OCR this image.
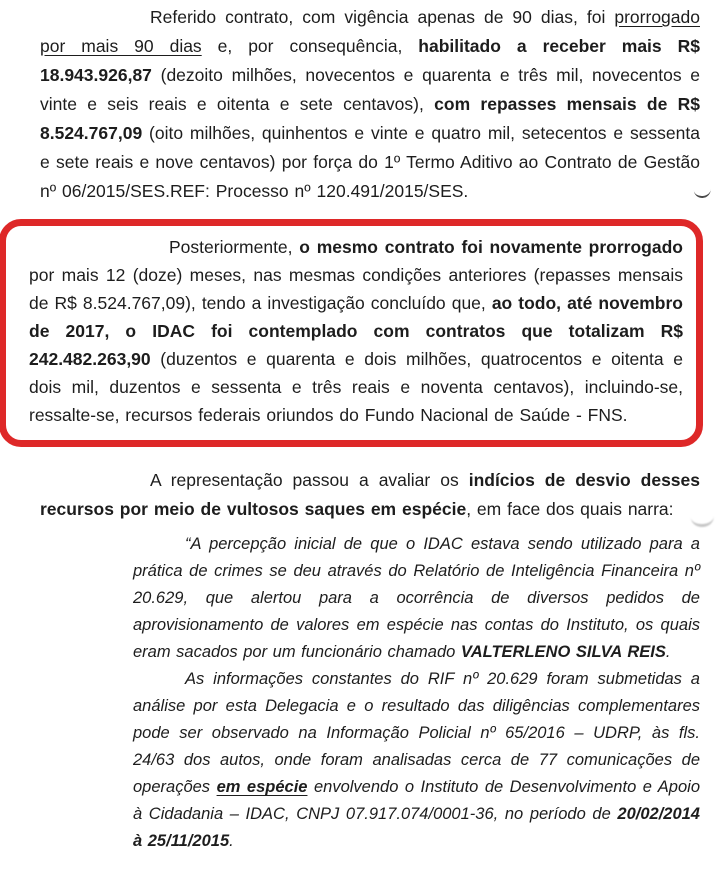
Referido contrato, com vigência apenas de 90 dias, foi prorrogado por mais 90 dias e, por consequência, habilitado a receber mais R$ 18.943.926,87 (dezoito milhões, novecentos e quarenta e três mil, novecentos e vinte e seis reais e oitenta e sete centavos), com repasses mensais de R$ 8.524.767,09 (oito milhões, quinhentos e vinte e quatro mil, setecentos e sessenta e sete reais e nove centavos) por força do 1º Termo Aditivo ao Contrato de Gestão nº 06/2015/SES.REF: Processo nº 120.491/2015/SES.

Posteriormente, o mesmo contrato foi novamente prorrogado por mais 12 (doze) meses, nas mesmas condições anteriores (repasses mensais de R$ 8.524.767,09), tendo a investigação concluído que, ao todo, até novembro de 2017, o IDAC foi contemplado com contratos que totalizam R$ 242.482.263,90 (duzentos e quarenta e dois milhões, quatrocentos e oitenta e dois mil, duzentos e sessenta e três reais e noventa centavos), incluindo-se, ressalte-se, recursos federais oriundos do Fundo Nacional de Saúde - FNS.

A representação passou a avaliar os indícios de desvio desses recursos por meio de vultosos saques em espécie, em face dos quais narra:

“A percepção inicial de que o IDAC estava sendo utilizado para a prática de crimes se deu através do Relatório de Inteligência Financeira nº 20.629, que alertou para a ocorrência de diversos pedidos de aprovisionamento de valores em espécie nas contas do Instituto, os quais eram sacados por um funcionário chamado VALTERLENO SILVA REIS.

As informações constantes do RIF nº 20.629 foram submetidas a análise por esta Delegacia e o resultado das diligências complementares pode ser observado na Informação Policial nº 65/2016 – UDRP, às fls. 24/63 dos autos, onde foram analisadas cerca de 77 comunicações de operações em espécie envolvendo o Instituto de Desenvolvimento e Apoio à Cidadania – IDAC, CNPJ 07.917.074/0001-36, no período de 20/02/2014 à 25/11/2015.
